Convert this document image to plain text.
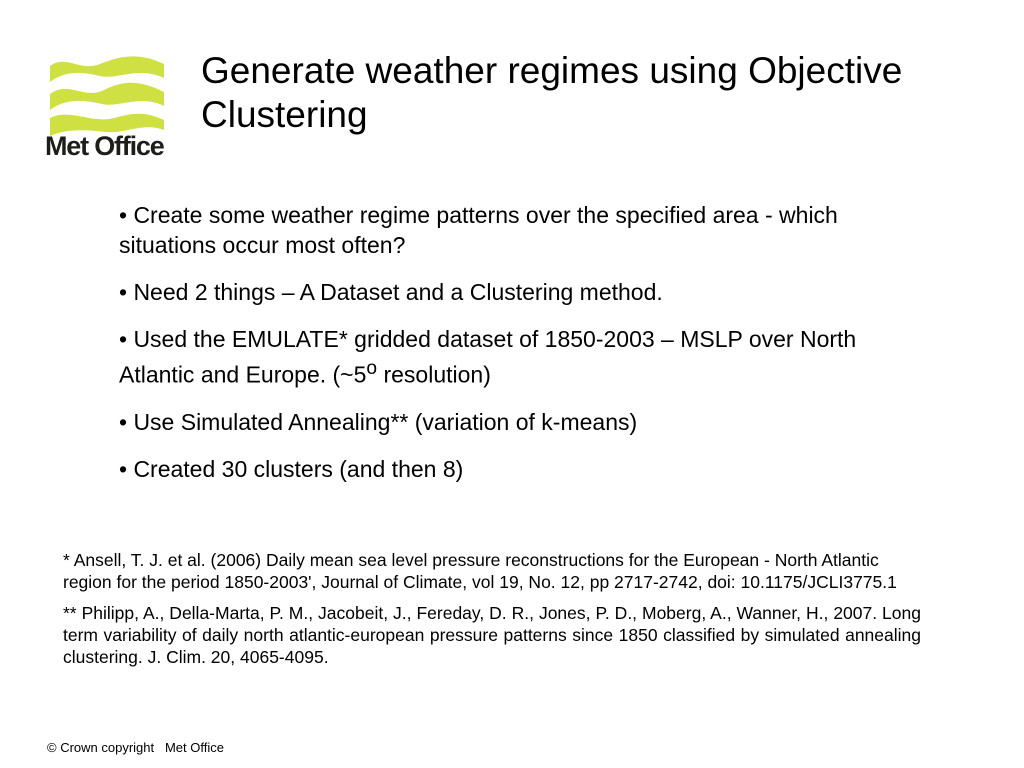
Met Office
Generate weather regimes using Objective Clustering
• Create some weather regime patterns over the specified area - which situations occur most often?
• Need 2 things – A Dataset and a Clustering method.
• Used the EMULATE* gridded dataset of 1850-2003 – MSLP over North Atlantic and Europe. (~5$^o$ resolution)
• Use Simulated Annealing** (variation of k-means)
• Created 30 clusters (and then 8)

* Ansell, T. J. et al. (2006) Daily mean sea level pressure reconstructions for the European - North Atlantic region for the period 1850-2003', Journal of Climate, vol 19, No. 12, pp 2717-2742, doi: 10.1175/JCLI3775.1

** Philipp, A., Della-Marta, P. M., Jacobeit, J., Fereday, D. R., Jones, P. D., Moberg, A., Wanner, H., 2007. Long term variability of daily north atlantic-european pressure patterns since 1850 classified by simulated annealing clustering. J. Clim. 20, 4065-4095.

© Crown copyright   Met Office
